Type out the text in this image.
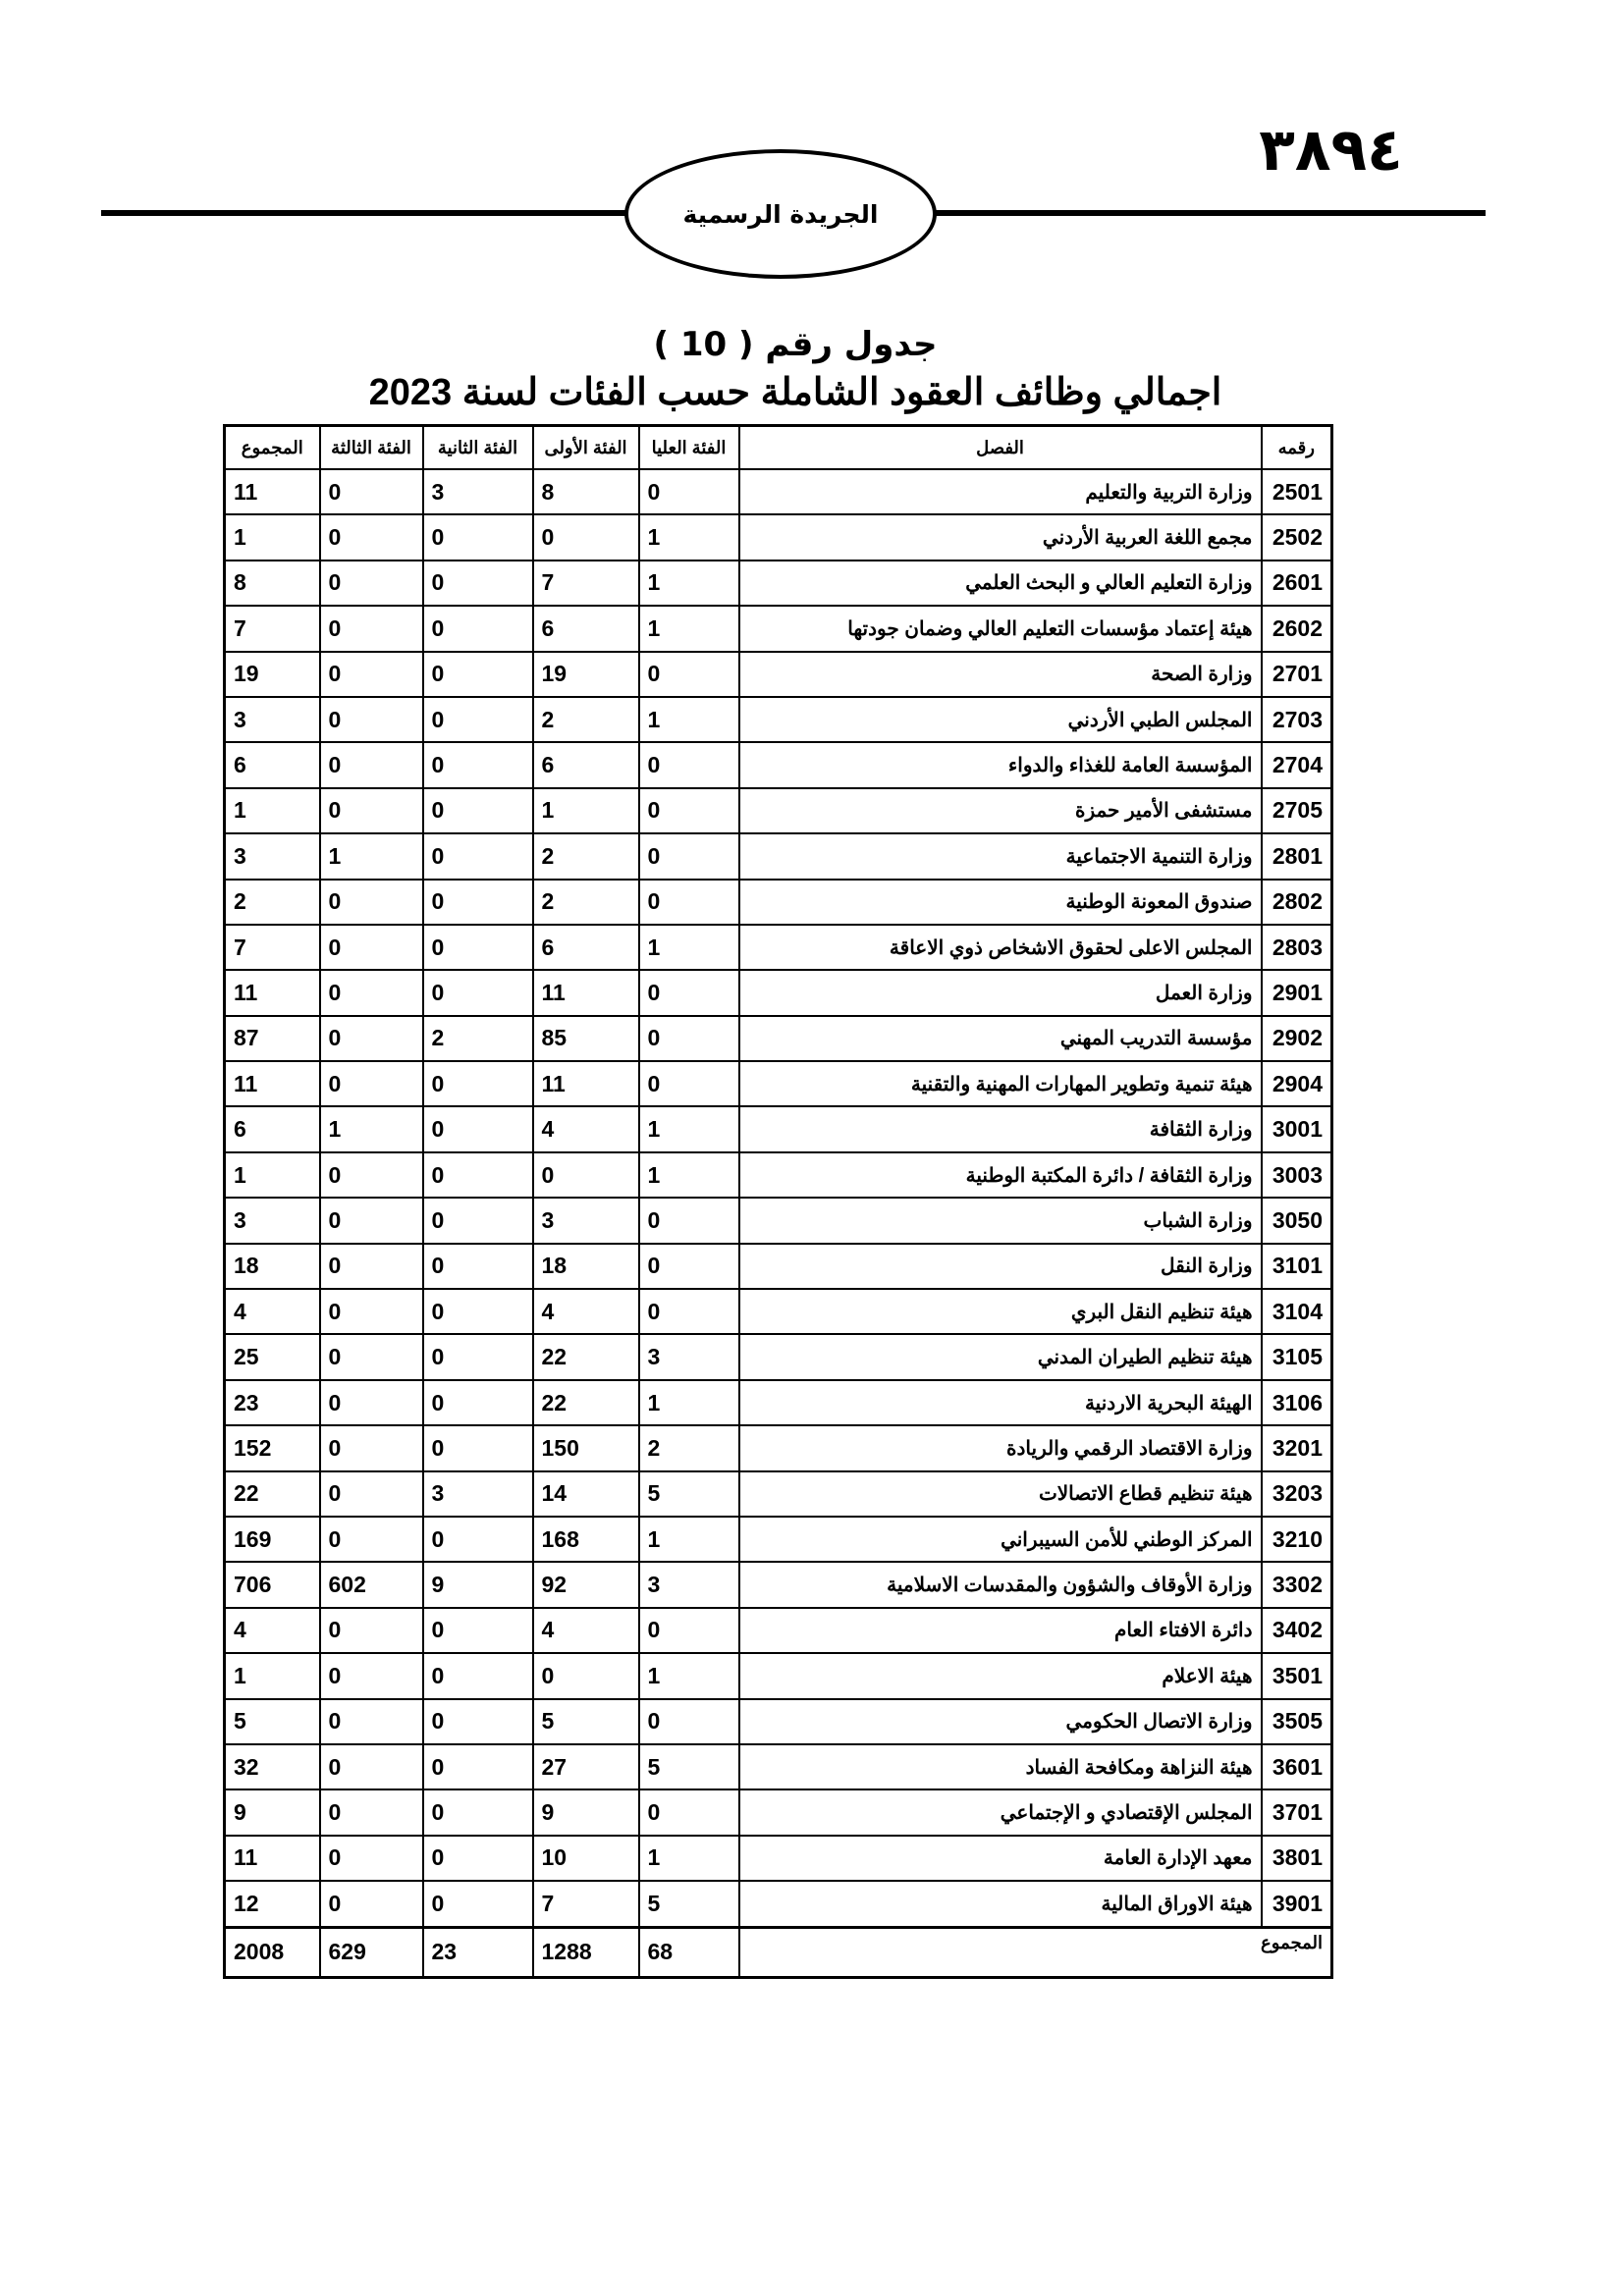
٣٨٩٤
الجريدة الرسمية
جدول رقم ( 10 )
اجمالي وظائف العقود الشاملة حسب الفئات لسنة 2023
رقمه	الفصل	الفئة العليا	الفئة الأولى	الفئة الثانية	الفئة الثالثة	المجموع
2501	وزارة التربية والتعليم	0	8	3	0	11
2502	مجمع اللغة العربية الأردني	1	0	0	0	1
2601	وزارة التعليم العالي و البحث العلمي	1	7	0	0	8
2602	هيئة إعتماد مؤسسات التعليم العالي وضمان جودتها	1	6	0	0	7
2701	وزارة الصحة	0	19	0	0	19
2703	المجلس الطبي الأردني	1	2	0	0	3
2704	المؤسسة العامة للغذاء والدواء	0	6	0	0	6
2705	مستشفى الأمير حمزة	0	1	0	0	1
2801	وزارة التنمية الاجتماعية	0	2	0	1	3
2802	صندوق المعونة الوطنية	0	2	0	0	2
2803	المجلس الاعلى لحقوق الاشخاص ذوي الاعاقة	1	6	0	0	7
2901	وزارة العمل	0	11	0	0	11
2902	مؤسسة التدريب المهني	0	85	2	0	87
2904	هيئة تنمية وتطوير المهارات المهنية والتقنية	0	11	0	0	11
3001	وزارة الثقافة	1	4	0	1	6
3003	وزارة الثقافة / دائرة المكتبة الوطنية	1	0	0	0	1
3050	وزارة الشباب	0	3	0	0	3
3101	وزارة النقل	0	18	0	0	18
3104	هيئة تنظيم النقل البري	0	4	0	0	4
3105	هيئة تنظيم الطيران المدني	3	22	0	0	25
3106	الهيئة البحرية الاردنية	1	22	0	0	23
3201	وزارة الاقتصاد الرقمي والريادة	2	150	0	0	152
3203	هيئة تنظيم قطاع الاتصالات	5	14	3	0	22
3210	المركز الوطني للأمن السيبراني	1	168	0	0	169
3302	وزارة الأوقاف والشؤون والمقدسات الاسلامية	3	92	9	602	706
3402	دائرة الافتاء العام	0	4	0	0	4
3501	هيئة الاعلام	1	0	0	0	1
3505	وزارة الاتصال الحكومي	0	5	0	0	5
3601	هيئة النزاهة ومكافحة الفساد	5	27	0	0	32
3701	المجلس الإقتصادي و الإجتماعي	0	9	0	0	9
3801	معهد الإدارة العامة	1	10	0	0	11
3901	هيئة الاوراق المالية	5	7	0	0	12
المجموع		68	1288	23	629	2008
